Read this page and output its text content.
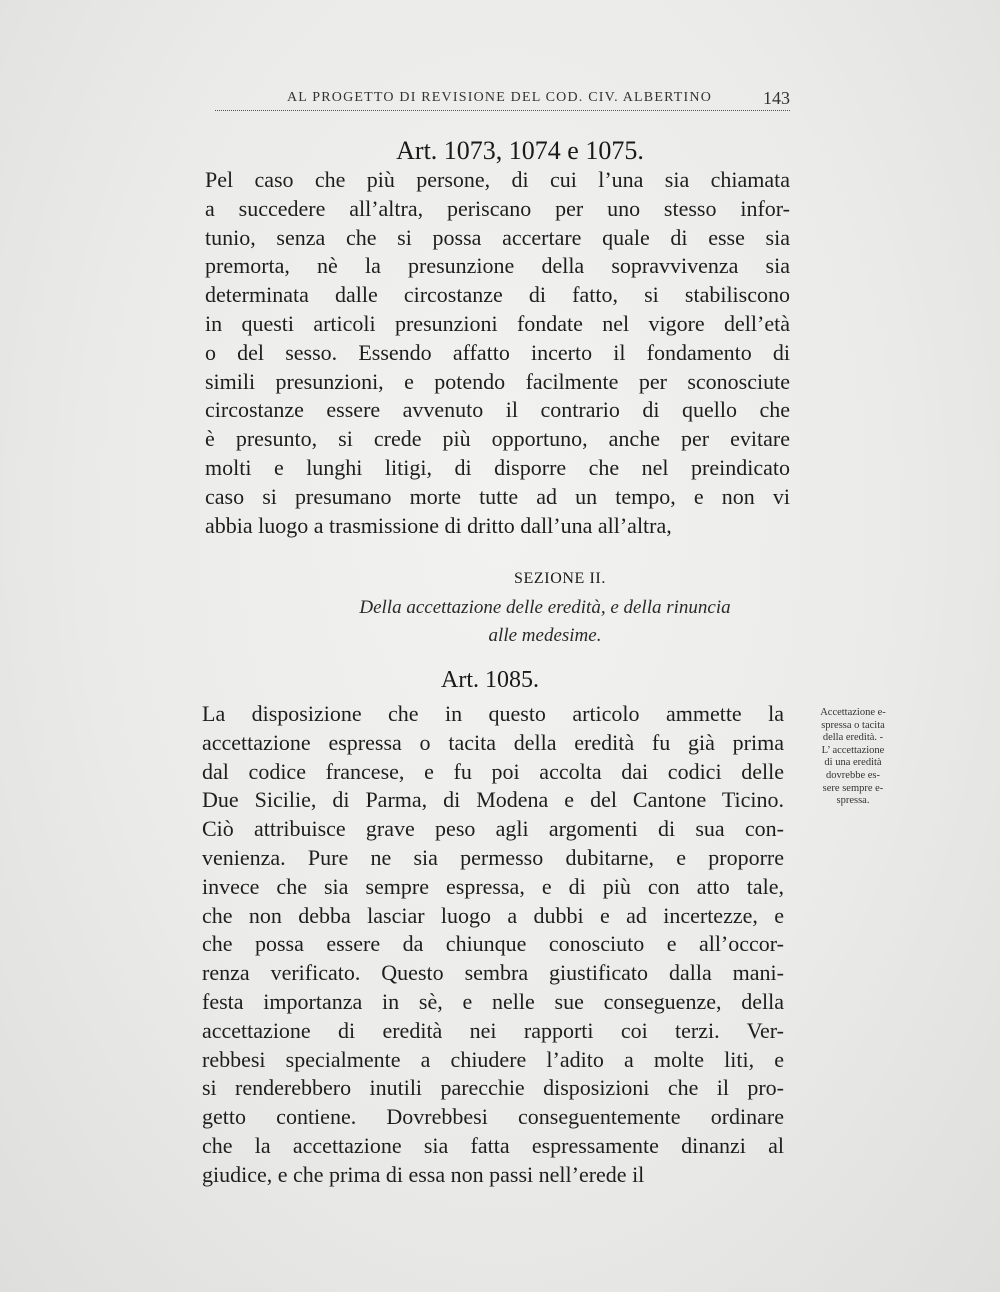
AL PROGETTO DI REVISIONE DEL COD. CIV. ALBERTINO	143
Art. 1073, 1074 e 1075.
Pel caso che più persone, di cui l’una sia chiamata
a succedere all’altra, periscano per uno stesso infor-
tunio, senza che si possa accertare quale di esse sia
premorta, nè la presunzione della sopravvivenza sia
determinata dalle circostanze di fatto, si stabiliscono
in questi articoli presunzioni fondate nel vigore dell’età
o del sesso. Essendo affatto incerto il fondamento di
simili presunzioni, e potendo facilmente per sconosciute
circostanze essere avvenuto il contrario di quello che
è presunto, si crede più opportuno, anche per evitare
molti e lunghi litigi, di disporre che nel preindicato
caso si presumano morte tutte ad un tempo, e non vi
abbia luogo a trasmissione di dritto dall’una all’altra,
SEZIONE II.
Della accettazione delle eredità, e della rinuncia
alle medesime.
Art. 1085.
La disposizione che in questo articolo ammette la
accettazione espressa o tacita della eredità fu già prima
dal codice francese, e fu poi accolta dai codici delle
Due Sicilie, di Parma, di Modena e del Cantone Ticino.
Ciò attribuisce grave peso agli argomenti di sua con-
venienza. Pure ne sia permesso dubitarne, e proporre
invece che sia sempre espressa, e di più con atto tale,
che non debba lasciar luogo a dubbi e ad incertezze, e
che possa essere da chiunque conosciuto e all’occor-
renza verificato. Questo sembra giustificato dalla mani-
festa importanza in sè, e nelle sue conseguenze, della
accettazione di eredità nei rapporti coi terzi. Ver-
rebbesi specialmente a chiudere l’adito a molte liti, e
si renderebbero inutili parecchie disposizioni che il pro-
getto contiene. Dovrebbesi conseguentemente ordinare
che la accettazione sia fatta espressamente dinanzi al
giudice, e che prima di essa non passi nell’erede il
Accettazione e-
spressa o tacita
della eredità. -
L’ accettazione
di una eredità
dovrebbe es-
sere sempre e-
spressa.
